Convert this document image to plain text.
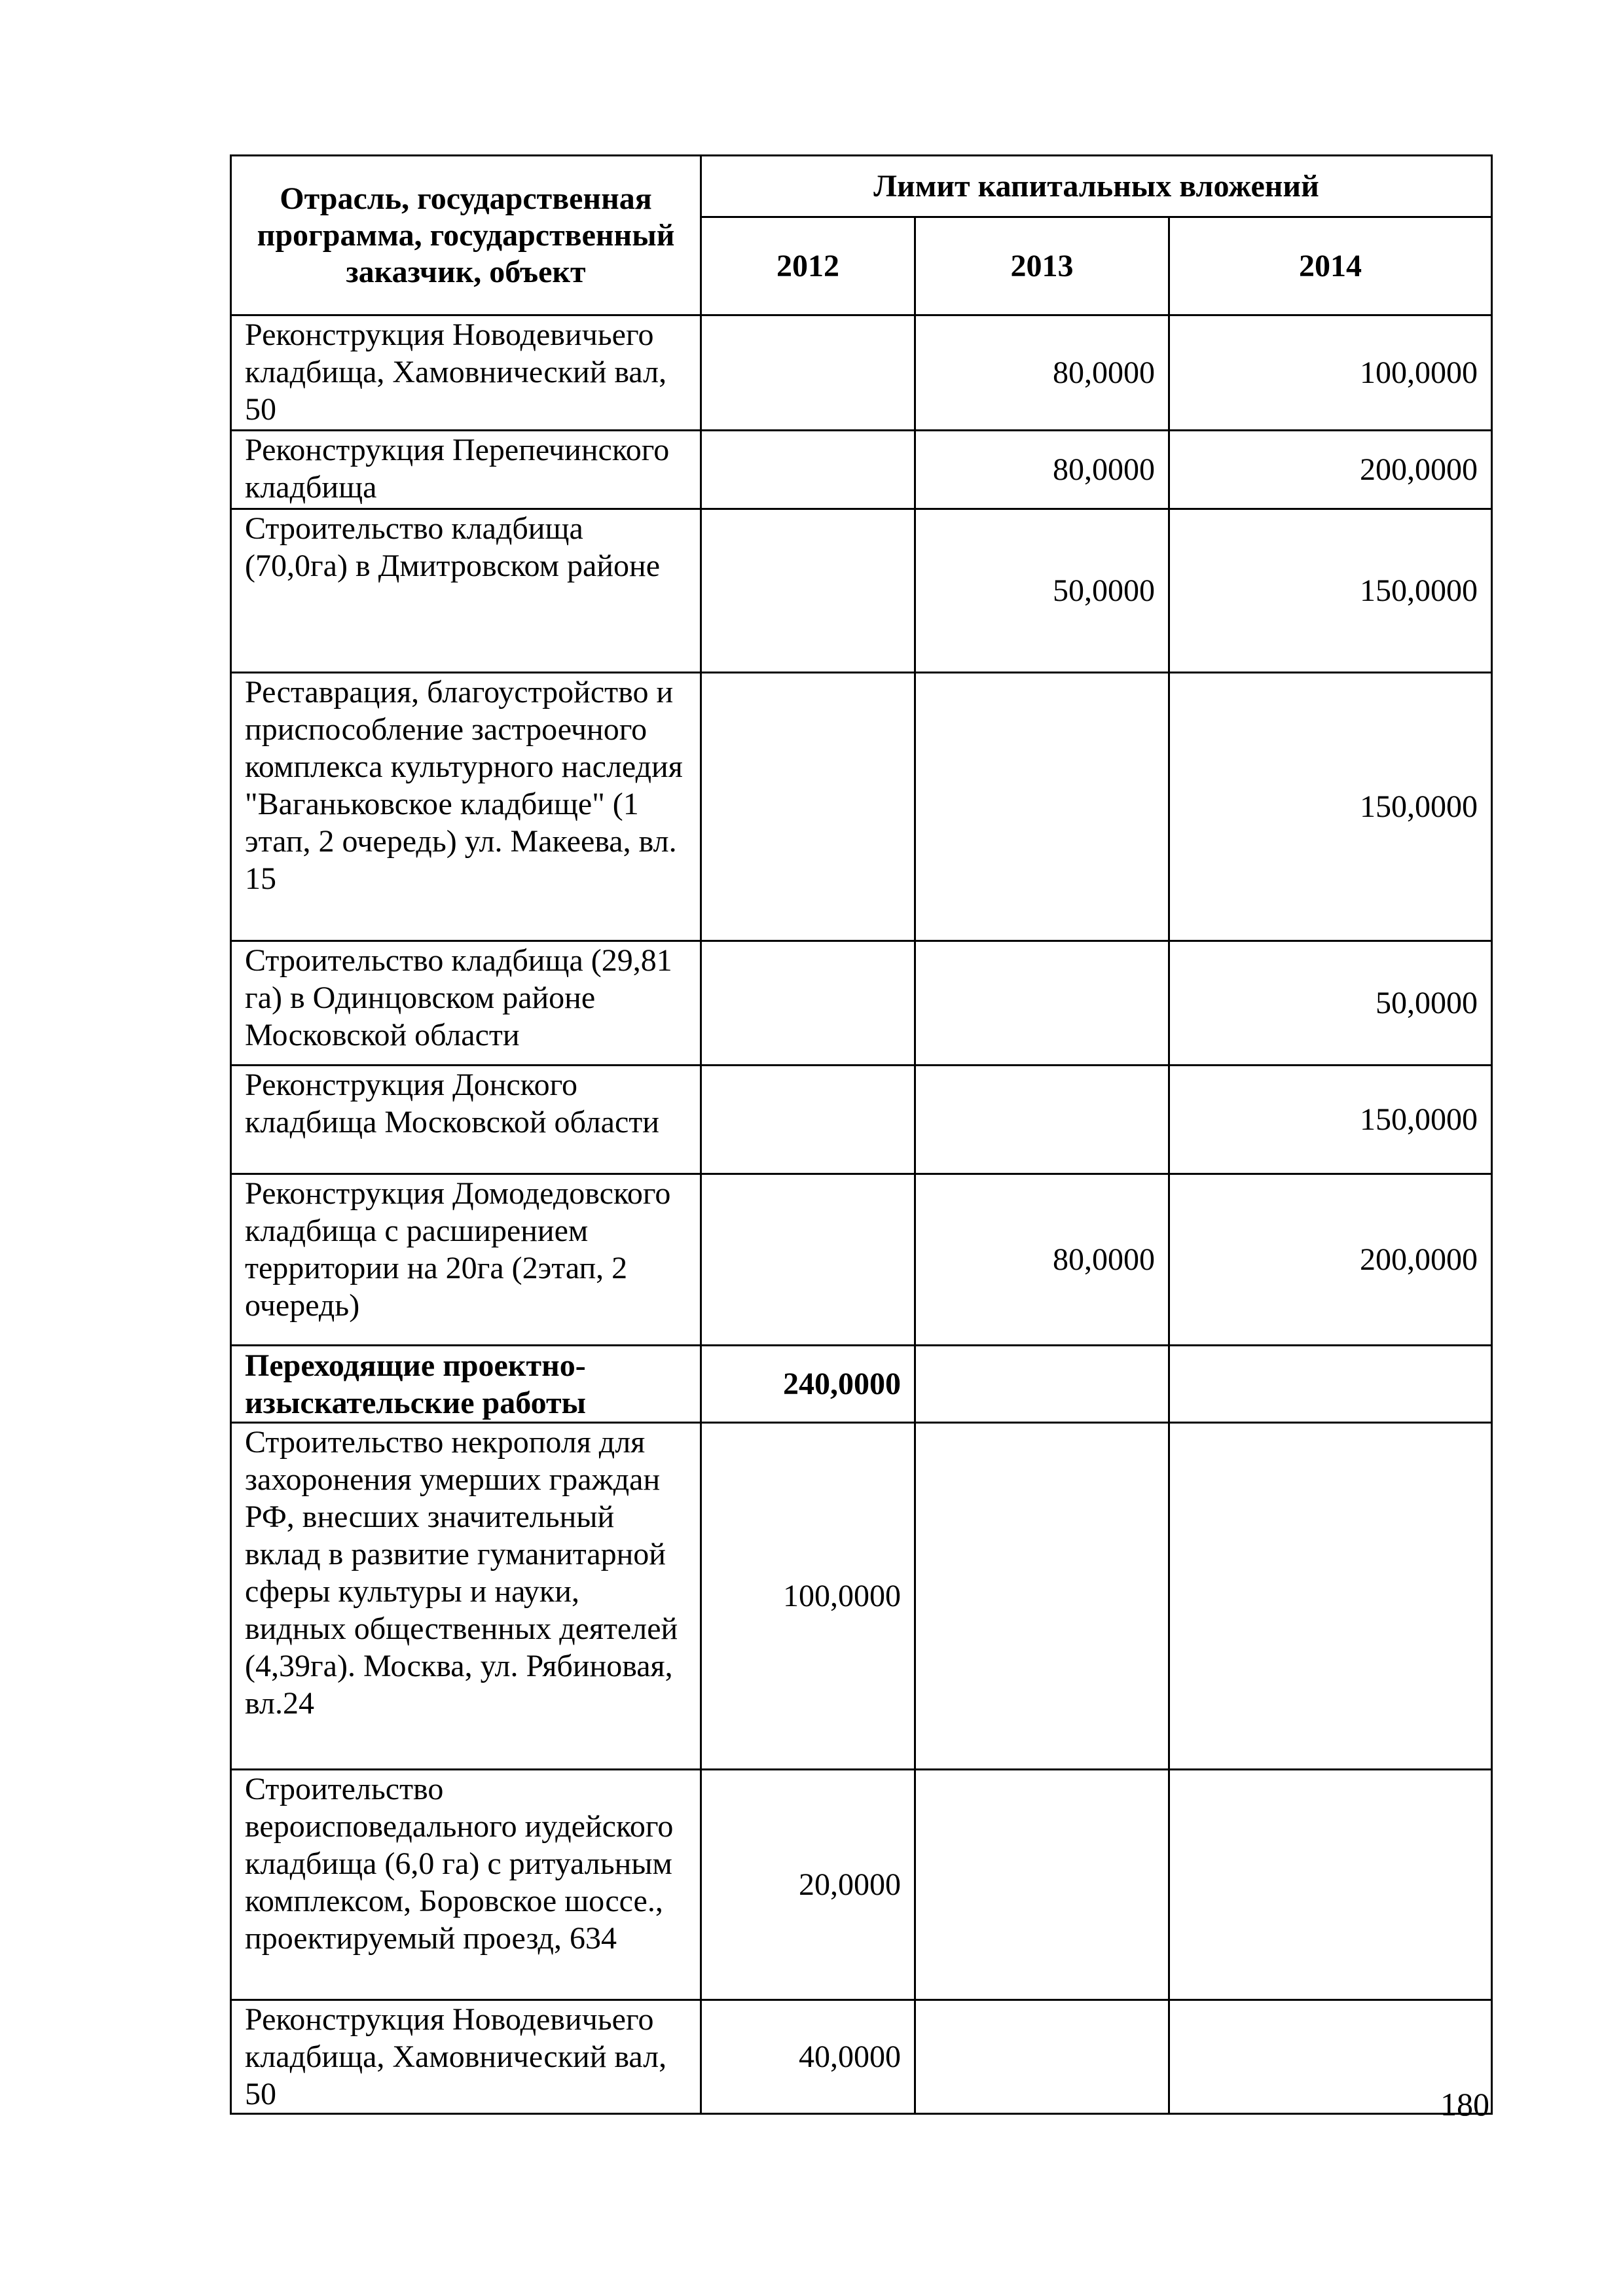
Отрасль, государственная программа, государственный заказчик, объект	Лимит капитальных вложений		
	2012	2013	2014
Реконструкция Новодевичьего кладбища, Хамовнический вал, 50		80,0000	100,0000
Реконструкция Перепечинского кладбища		80,0000	200,0000
Строительство кладбища (70,0га) в Дмитровском районе		50,0000	150,0000
Реставрация, благоустройство и приспособление застроечного комплекса культурного наследия "Ваганьковское кладбище" (1 этап, 2 очередь) ул. Макеева, вл. 15			150,0000
Строительство кладбища (29,81 га) в Одинцовском районе Московской области			50,0000
Реконструкция Донского кладбища Московской области			150,0000
Реконструкция Домодедовского кладбища с расширением территории на 20га (2этап, 2 очередь)		80,0000	200,0000
Переходящие проектно-изыскательские работы	240,0000		
Строительство некрополя для захоронения умерших граждан РФ, внесших значительный вклад в развитие гуманитарной сферы культуры и науки, видных общественных деятелей (4,39га). Москва, ул. Рябиновая, вл.24	100,0000		
Строительство вероисповедального иудейского кладбища (6,0 га) с ритуальным комплексом, Боровское шоссе., проектируемый проезд, 634	20,0000		
Реконструкция Новодевичьего кладбища, Хамовнический вал, 50	40,0000		
180
